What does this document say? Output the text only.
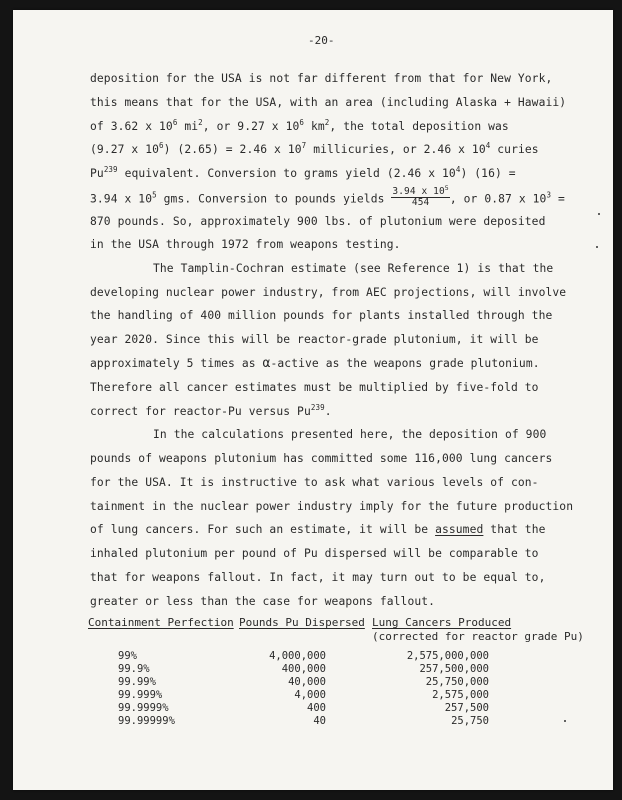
-20-
deposition for the USA is not far different from that for New York,
this means that for the USA, with an area (including Alaska + Hawaii)
of 3.62 x $10^6$ $mi^2$, or 9.27 x $10^6$ $km^2$, the total deposition was
(9.27 x $10^6$) (2.65) = 2.46 x $10^7$ millicuries, or 2.46 x $10^4$ curies
Pu$^{239}$ equivalent. Conversion to grams yield (2.46 x $10^4$) (16) =
3.94 x $10^5$ gms. Conversion to pounds yields $\frac{3.94 x 10^5}{454}$ , or 0.87 x $10^3$ =
870 pounds. So, approximately 900 lbs. of plutonium were deposited
in the USA through 1972 from weapons testing.
The Tamplin-Cochran estimate (see Reference 1) is that the
developing nuclear power industry, from AEC projections, will involve
the handling of 400 million pounds for plants installed through the
year 2020. Since this will be reactor-grade plutonium, it will be
approximately 5 times as α-active as the weapons grade plutonium.
Therefore all cancer estimates must be multiplied by five-fold to
correct for reactor-Pu versus Pu$^{239}$.
In the calculations presented here, the deposition of 900
pounds of weapons plutonium has committed some 116,000 lung cancers
for the USA. It is instructive to ask what various levels of con-
tainment in the nuclear power industry imply for the future production
of lung cancers. For such an estimate, it will be assumed that the
inhaled plutonium per pound of Pu dispersed will be comparable to
that for weapons fallout. In fact, it may turn out to be equal to,
greater or less than the case for weapons fallout.
Containment Perfection Pounds Pu Dispersed Lung Cancers Produced
(corrected for reactor grade Pu)
99%	4,000,000	2,575,000,000
99.9%	400,000	257,500,000
99.99%	40,000	25,750,000
99.999%	4,000	2,575,000
99.9999%	400	257,500
99.99999%	40	25,750
